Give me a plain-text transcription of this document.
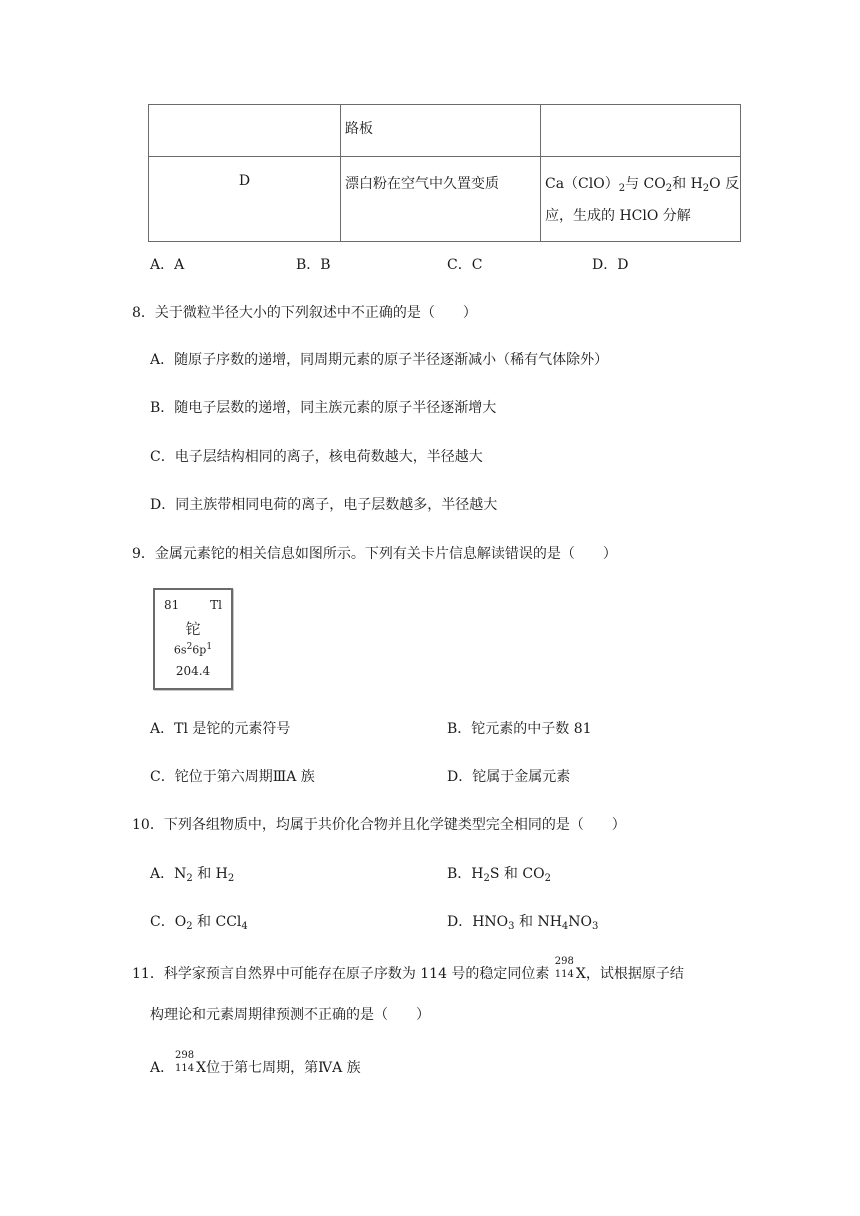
	路板	
D	漂白粉在空气中久置变质	$Ca(ClO)_2$与 $CO_2$和 $H_2O$ 反
应，生成的 HClO 分解
A．A	B．B	C．C	D．D
8．关于微粒半径大小的下列叙述中不正确的是（　　）
A．随原子序数的递增，同周期元素的原子半径逐渐减小（稀有气体除外）
B．随电子层数的递增，同主族元素的原子半径逐渐增大
C．电子层结构相同的离子，核电荷数越大，半径越大
D．同主族带相同电荷的离子，电子层数越多，半径越大
9．金属元素铊的相关信息如图所示。下列有关卡片信息解读错误的是（　　）
81	Tl
铊
$6s^26p^1$
204.4
A．Tl 是铊的元素符号	B．铊元素的中子数 81
C．铊位于第六周期ⅢA 族	D．铊属于金属元素
10．下列各组物质中，均属于共价化合物并且化学键类型完全相同的是（　　）
A．$N_2$ 和 $H_2$	B．$H_2S$ 和 $CO_2$
C．$O_2$ 和 CCl$_4$	D．$HNO_3$ 和 $NH_4NO_3$
11．科学家预言自然界中可能存在原子序数为 114 号的稳定同位素
298
114 X，试根据原子结
构理论和元素周期律预测不正确的是（　　）
A．
298
114 X位于第七周期，第ⅣA 族
